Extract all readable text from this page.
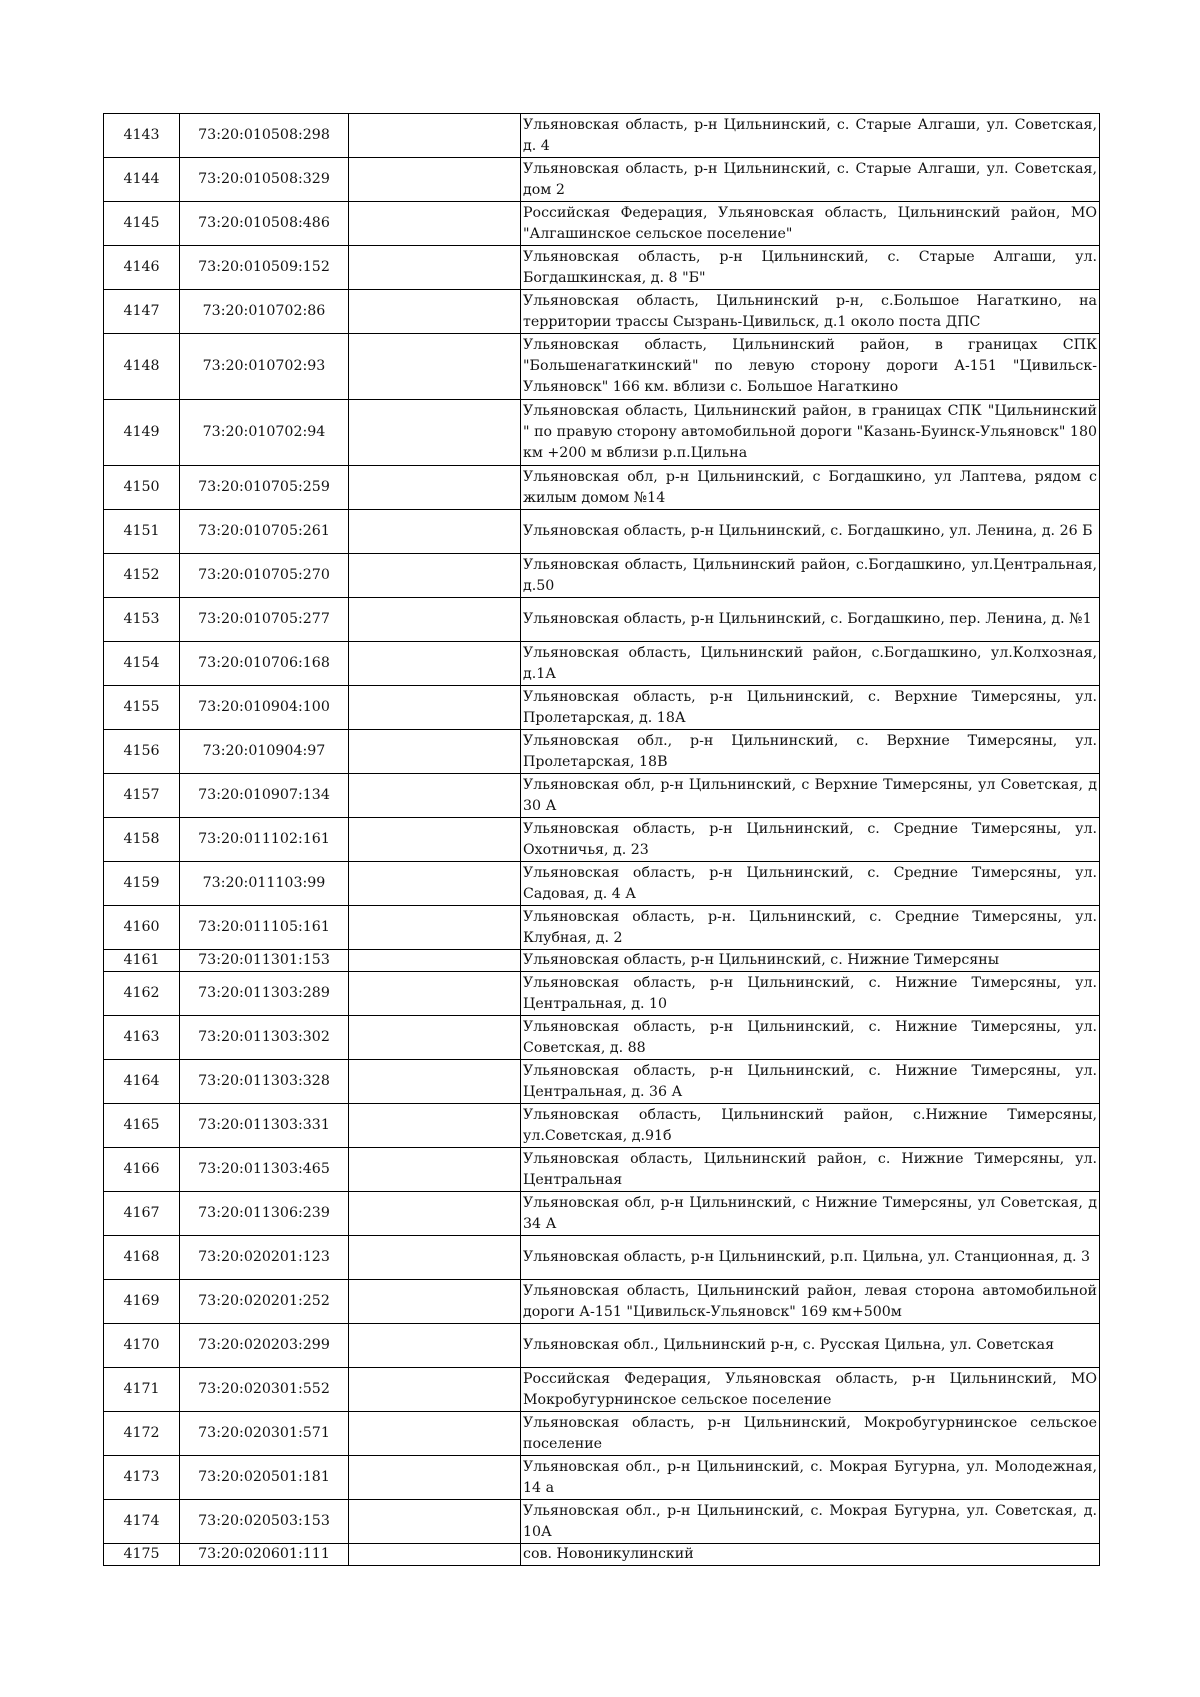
4143	73:20:010508:298		Ульяновская область, р-н Цильнинский, с. Старые Алгаши, ул. Советская, д. 4
4144	73:20:010508:329		Ульяновская область, р-н Цильнинский, с. Старые Алгаши, ул. Советская, дом 2
4145	73:20:010508:486		Российская Федерация, Ульяновская область, Цильнинский район, МО "Алгашинское сельское поселение"
4146	73:20:010509:152		Ульяновская область, р-н Цильнинский, с. Старые Алгаши, ул. Богдашкинская, д. 8 "Б"
4147	73:20:010702:86		Ульяновская область, Цильнинский р-н, с.Большое Нагаткино, на территории трассы Сызрань-Цивильск, д.1 около поста ДПС
4148	73:20:010702:93		Ульяновская область, Цильнинский район, в границах СПК "Большенагаткинский" по левую сторону дороги А-151 "Цивильск-Ульяновск" 166 км. вблизи с. Большое Нагаткино
4149	73:20:010702:94		Ульяновская область, Цильнинский район, в границах СПК "Цильнинский " по правую сторону автомобильной дороги "Казань-Буинск-Ульяновск" 180 км +200 м вблизи р.п.Цильна
4150	73:20:010705:259		Ульяновская обл, р-н Цильнинский, с Богдашкино, ул Лаптева, рядом с жилым домом №14
4151	73:20:010705:261		Ульяновская область, р-н Цильнинский, с. Богдашкино, ул. Ленина, д. 26 Б
4152	73:20:010705:270		Ульяновская область, Цильнинский район, с.Богдашкино, ул.Центральная, д.50
4153	73:20:010705:277		Ульяновская область, р-н Цильнинский, с. Богдашкино, пер. Ленина, д. №1
4154	73:20:010706:168		Ульяновская область, Цильнинский район, с.Богдашкино, ул.Колхозная, д.1А
4155	73:20:010904:100		Ульяновская область, р-н Цильнинский, с. Верхние Тимерсяны, ул. Пролетарская, д. 18А
4156	73:20:010904:97		Ульяновская обл., р-н Цильнинский, с. Верхние Тимерсяны, ул. Пролетарская, 18В
4157	73:20:010907:134		Ульяновская обл, р-н Цильнинский, с Верхние Тимерсяны, ул Советская, д 30 А
4158	73:20:011102:161		Ульяновская область, р-н Цильнинский, с. Средние Тимерсяны, ул. Охотничья, д. 23
4159	73:20:011103:99		Ульяновская область, р-н Цильнинский, с. Средние Тимерсяны, ул. Садовая, д. 4 А
4160	73:20:011105:161		Ульяновская область, р-н. Цильнинский, с. Средние Тимерсяны, ул. Клубная, д. 2
4161	73:20:011301:153		Ульяновская область, р-н Цильнинский, с. Нижние Тимерсяны
4162	73:20:011303:289		Ульяновская область, р-н Цильнинский, с. Нижние Тимерсяны, ул. Центральная, д. 10
4163	73:20:011303:302		Ульяновская область, р-н Цильнинский, с. Нижние Тимерсяны, ул. Советская, д. 88
4164	73:20:011303:328		Ульяновская область, р-н Цильнинский, с. Нижние Тимерсяны, ул. Центральная, д. 36 А
4165	73:20:011303:331		Ульяновская область, Цильнинский район, с.Нижние Тимерсяны, ул.Советская, д.91б
4166	73:20:011303:465		Ульяновская область, Цильнинский район, с. Нижние Тимерсяны, ул. Центральная
4167	73:20:011306:239		Ульяновская обл, р-н Цильнинский, с Нижние Тимерсяны, ул Советская, д 34 А
4168	73:20:020201:123		Ульяновская область, р-н Цильнинский, р.п. Цильна, ул. Станционная, д. 3
4169	73:20:020201:252		Ульяновская область, Цильнинский район, левая сторона автомобильной дороги А-151 "Цивильск-Ульяновск" 169 км+500м
4170	73:20:020203:299		Ульяновская обл., Цильнинский р-н, с. Русская Цильна, ул. Советская
4171	73:20:020301:552		Российская Федерация, Ульяновская область, р-н Цильнинский, МО Мокробугурнинское сельское поселение
4172	73:20:020301:571		Ульяновская область, р-н Цильнинский, Мокробугурнинское сельское поселение
4173	73:20:020501:181		Ульяновская обл., р-н Цильнинский, с. Мокрая Бугурна, ул. Молодежная, 14 а
4174	73:20:020503:153		Ульяновская обл., р-н Цильнинский, с. Мокрая Бугурна, ул. Советская, д. 10А
4175	73:20:020601:111		сов. Новоникулинский
